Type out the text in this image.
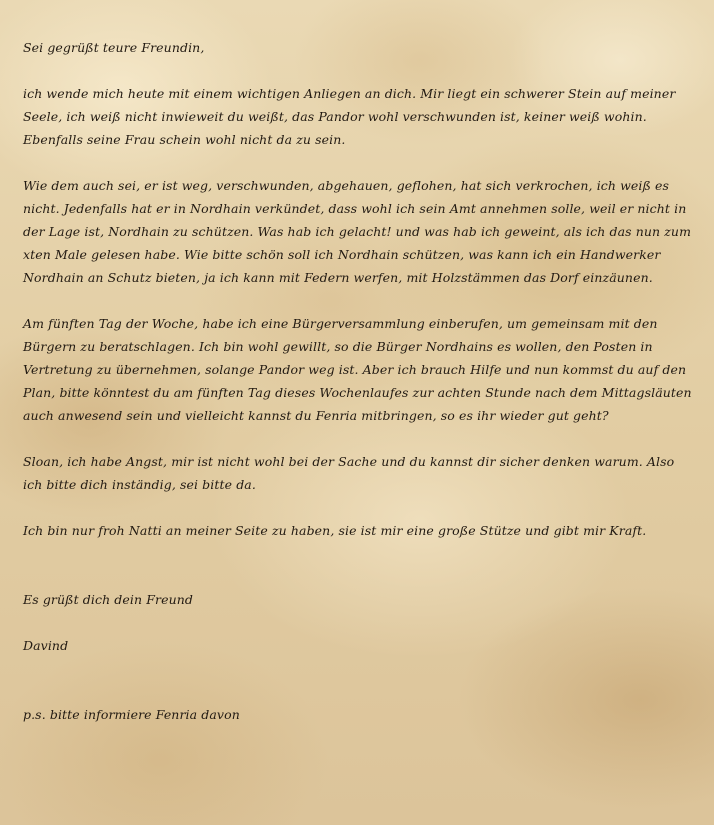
Sei gegrüßt teure Freundin,

ich wende mich heute mit einem wichtigen Anliegen an dich. Mir liegt ein schwerer Stein auf meiner Seele, ich weiß nicht inwieweit du weißt, das Pandor wohl verschwunden ist, keiner weiß wohin. Ebenfalls seine Frau schein wohl nicht da zu sein.

Wie dem auch sei, er ist weg, verschwunden, abgehauen, geflohen, hat sich verkrochen, ich weiß es nicht. Jedenfalls hat er in Nordhain verkündet, dass wohl ich sein Amt annehmen solle, weil er nicht in der Lage ist, Nordhain zu schützen. Was hab ich gelacht! und was hab ich geweint, als ich das nun zum xten Male gelesen habe. Wie bitte schön soll ich Nordhain schützen, was kann ich ein Handwerker Nordhain an Schutz bieten, ja ich kann mit Federn werfen, mit Holzstämmen das Dorf einzäunen.

Am fünften Tag der Woche, habe ich eine Bürgerversammlung einberufen, um gemeinsam mit den Bürgern zu beratschlagen. Ich bin wohl gewillt, so die Bürger Nordhains es wollen, den Posten in Vertretung zu übernehmen, solange Pandor weg ist. Aber ich brauch Hilfe und nun kommst du auf den Plan, bitte könntest du am fünften Tag dieses Wochenlaufes zur achten Stunde nach dem Mittagsläuten auch anwesend sein und vielleicht kannst du Fenria mitbringen, so es ihr wieder gut geht?

Sloan, ich habe Angst, mir ist nicht wohl bei der Sache und du kannst dir sicher denken warum. Also ich bitte dich inständig, sei bitte da.

Ich bin nur froh Natti an meiner Seite zu haben, sie ist mir eine große Stütze und gibt mir Kraft.

Es grüßt dich dein Freund

Davind

p.s. bitte informiere Fenria davon
